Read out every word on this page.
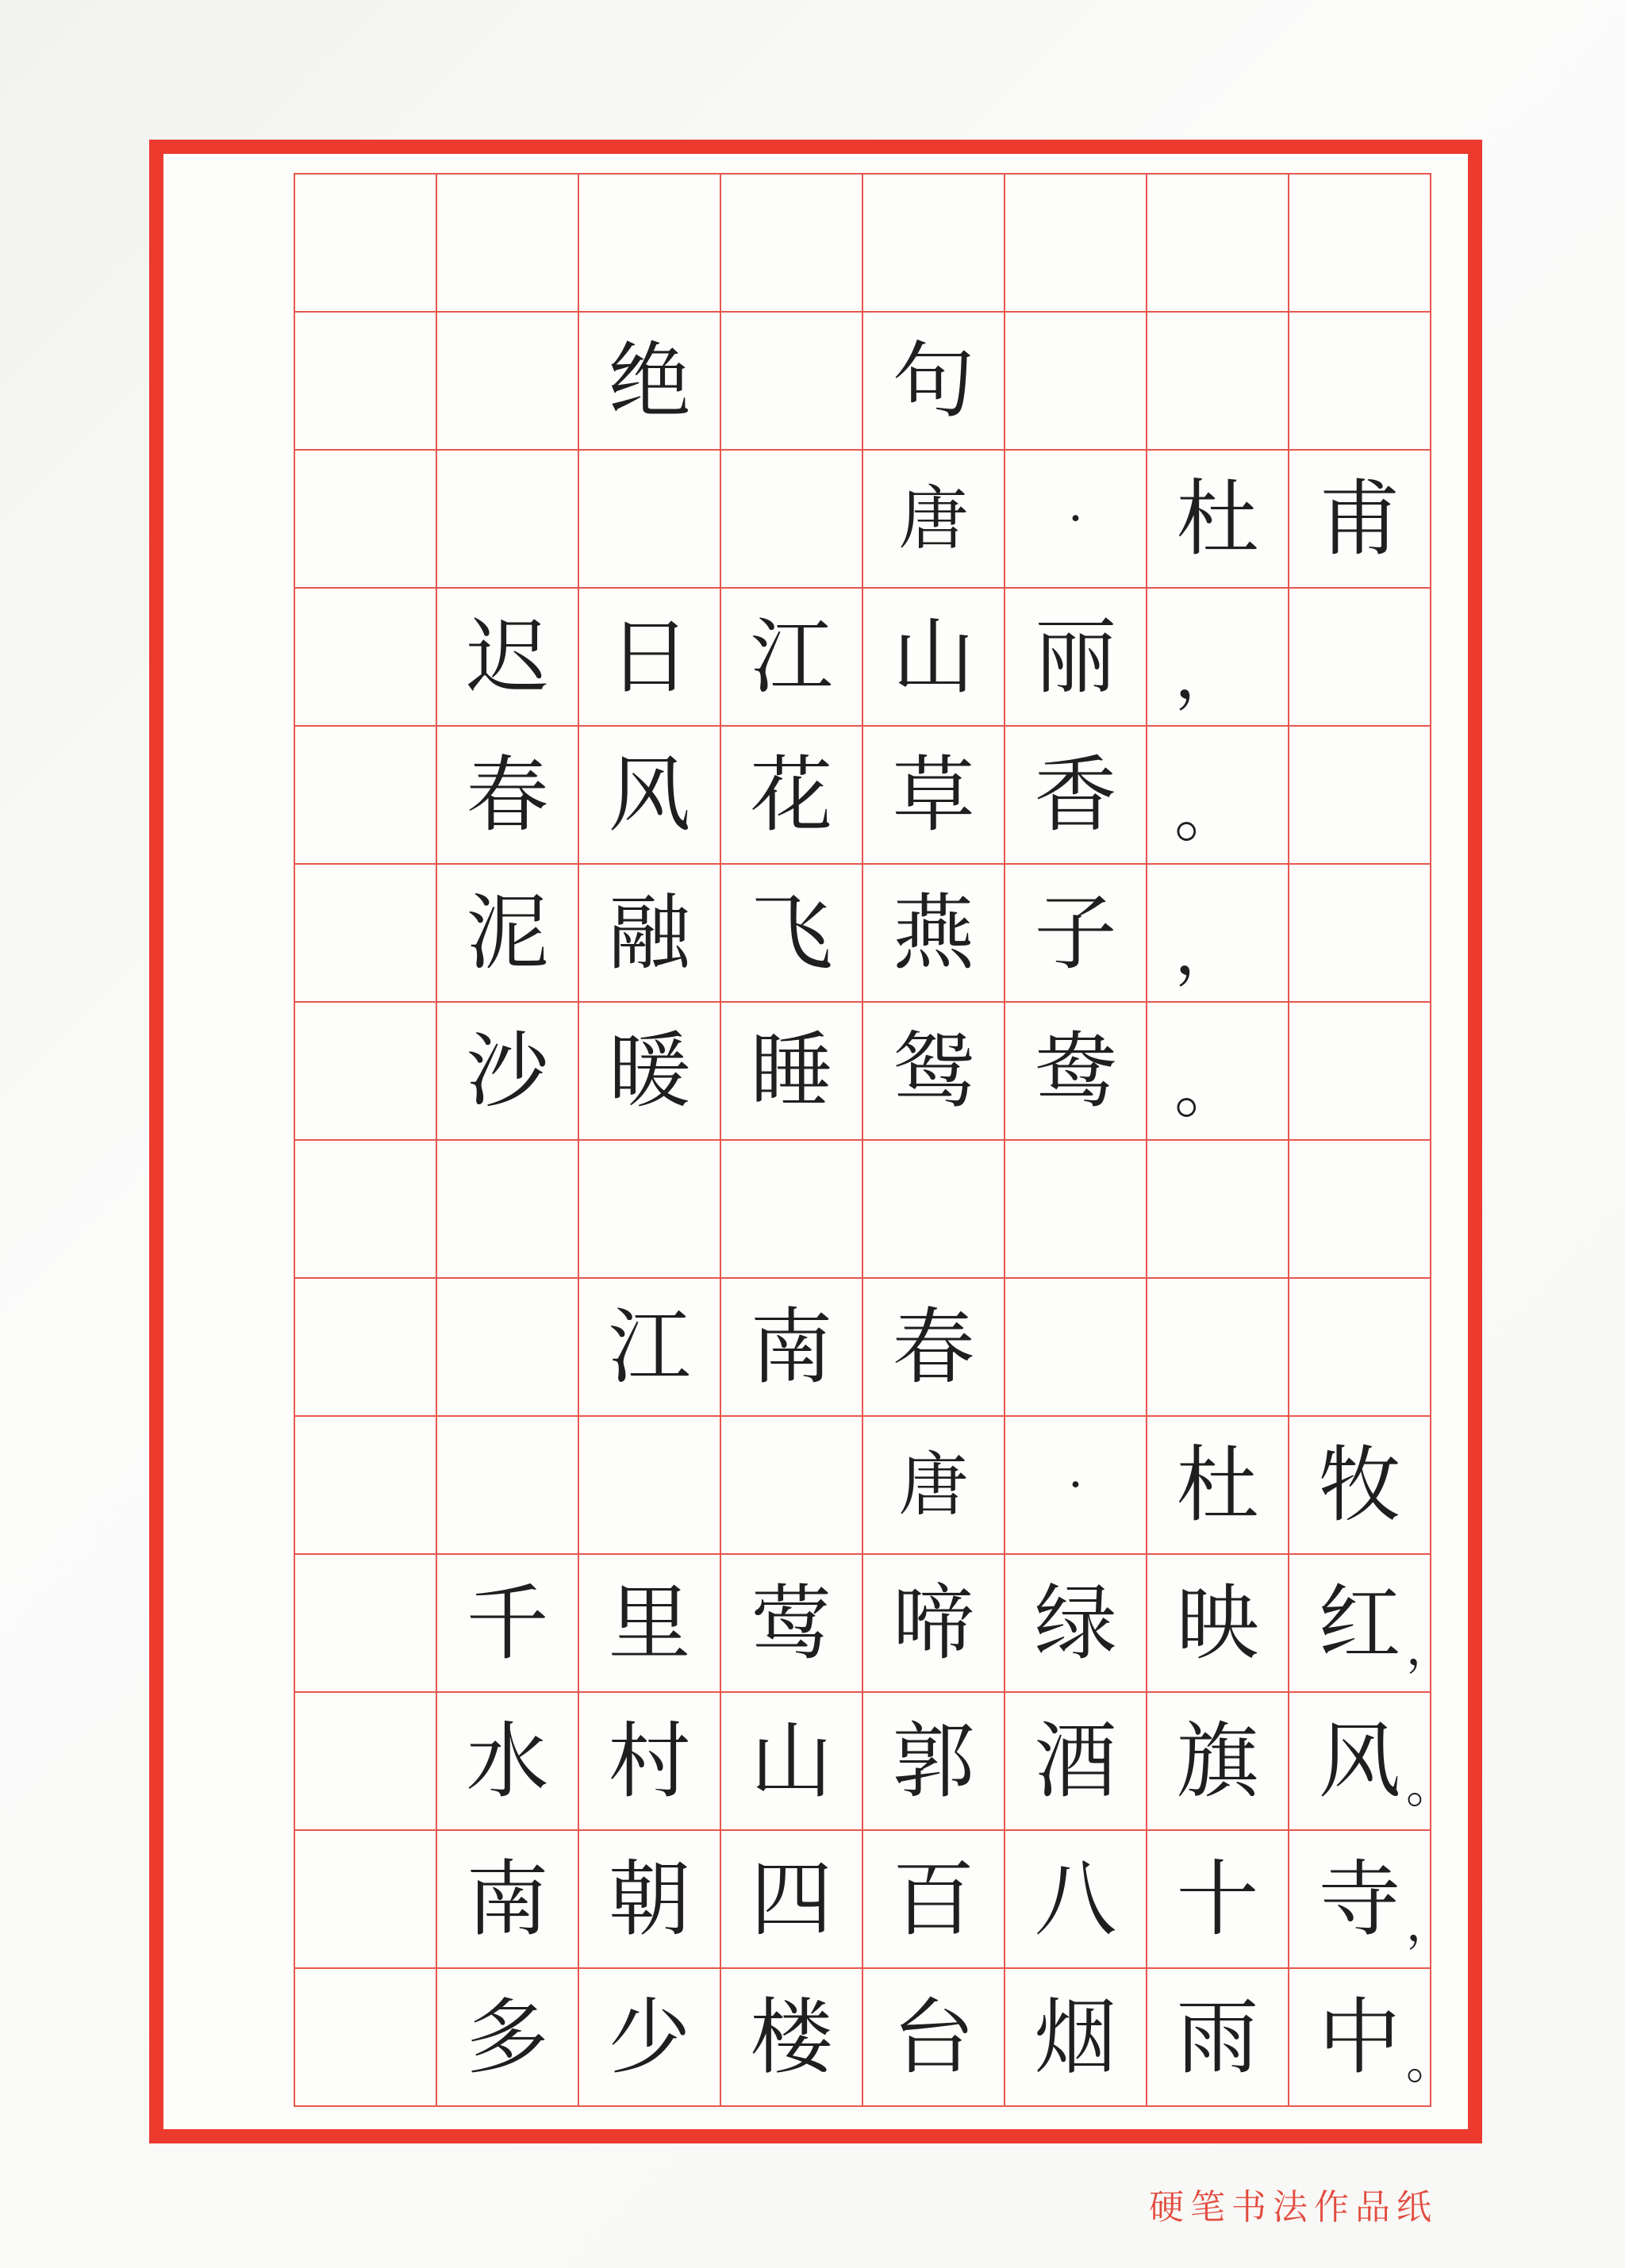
绝	句
唐	·	杜 甫
迟 日 江 山 丽 ，
春 风 花 草 香 。
泥 融 飞 燕 子 ，
沙 暖 睡 鸳 鸯 。
江 南 春
唐	·	杜 牧
千 里 莺 啼 绿 映 红 ，
水 村 山 郭 酒 旗 风 。
南 朝 四 百 八 十 寺 ，
多 少 楼 台 烟 雨 中 。
硬笔书法作品纸
